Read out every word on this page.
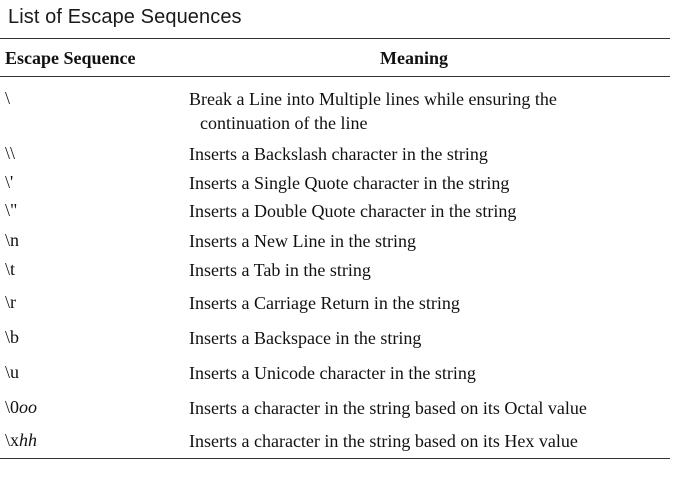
List of Escape Sequences
Escape Sequence	Meaning
\	Break a Line into Multiple lines while ensuring the
continuation of the line
\\	Inserts a Backslash character in the string
\'	Inserts a Single Quote character in the string
\"	Inserts a Double Quote character in the string
\n	Inserts a New Line in the string
\t	Inserts a Tab in the string
\r	Inserts a Carriage Return in the string
\b	Inserts a Backspace in the string
\u	Inserts a Unicode character in the string
\0oo	Inserts a character in the string based on its Octal value
\xhh	Inserts a character in the string based on its Hex value
